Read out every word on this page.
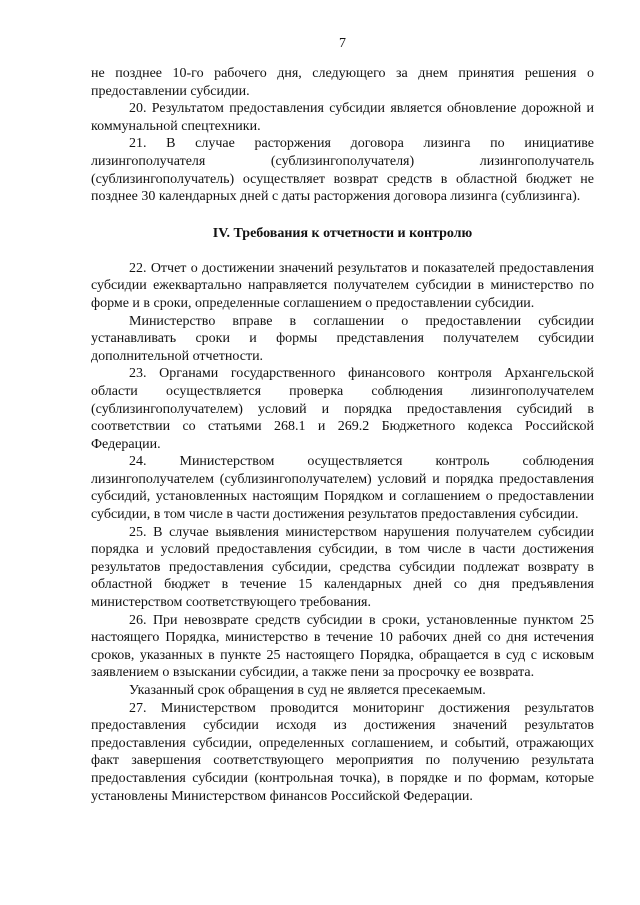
7

не позднее 10-го рабочего дня, следующего за днем принятия решения о предоставлении субсидии.

20. Результатом предоставления субсидии является обновление дорожной и коммунальной спецтехники.

21. В случае расторжения договора лизинга по инициативе лизингополучателя (сублизингополучателя) лизингополучатель (сублизингополучатель) осуществляет возврат средств в областной бюджет не позднее 30 календарных дней с даты расторжения договора лизинга (сублизинга).

IV. Требования к отчетности и контролю

22. Отчет о достижении значений результатов и показателей предоставления субсидии ежеквартально направляется получателем субсидии в министерство по форме и в сроки, определенные соглашением о предоставлении субсидии.

Министерство вправе в соглашении о предоставлении субсидии устанавливать сроки и формы представления получателем субсидии дополнительной отчетности.

23. Органами государственного финансового контроля Архангельской области осуществляется проверка соблюдения лизингополучателем (сублизингополучателем) условий и порядка предоставления субсидий в соответствии со статьями 268.1 и 269.2 Бюджетного кодекса Российской Федерации.

24. Министерством осуществляется контроль соблюдения лизингополучателем (сублизингополучателем) условий и порядка предоставления субсидий, установленных настоящим Порядком и соглашением о предоставлении субсидии, в том числе в части достижения результатов предоставления субсидии.

25. В случае выявления министерством нарушения получателем субсидии порядка и условий предоставления субсидии, в том числе в части достижения результатов предоставления субсидии, средства субсидии подлежат возврату в областной бюджет в течение 15 календарных дней со дня предъявления министерством соответствующего требования.

26. При невозврате средств субсидии в сроки, установленные пунктом 25 настоящего Порядка, министерство в течение 10 рабочих дней со дня истечения сроков, указанных в пункте 25 настоящего Порядка, обращается в суд с исковым заявлением о взыскании субсидии, а также пени за просрочку ее возврата.

Указанный срок обращения в суд не является пресекаемым.

27. Министерством проводится мониторинг достижения результатов предоставления субсидии исходя из достижения значений результатов предоставления субсидии, определенных соглашением, и событий, отражающих факт завершения соответствующего мероприятия по получению результата предоставления субсидии (контрольная точка), в порядке и по формам, которые установлены Министерством финансов Российской Федерации.
